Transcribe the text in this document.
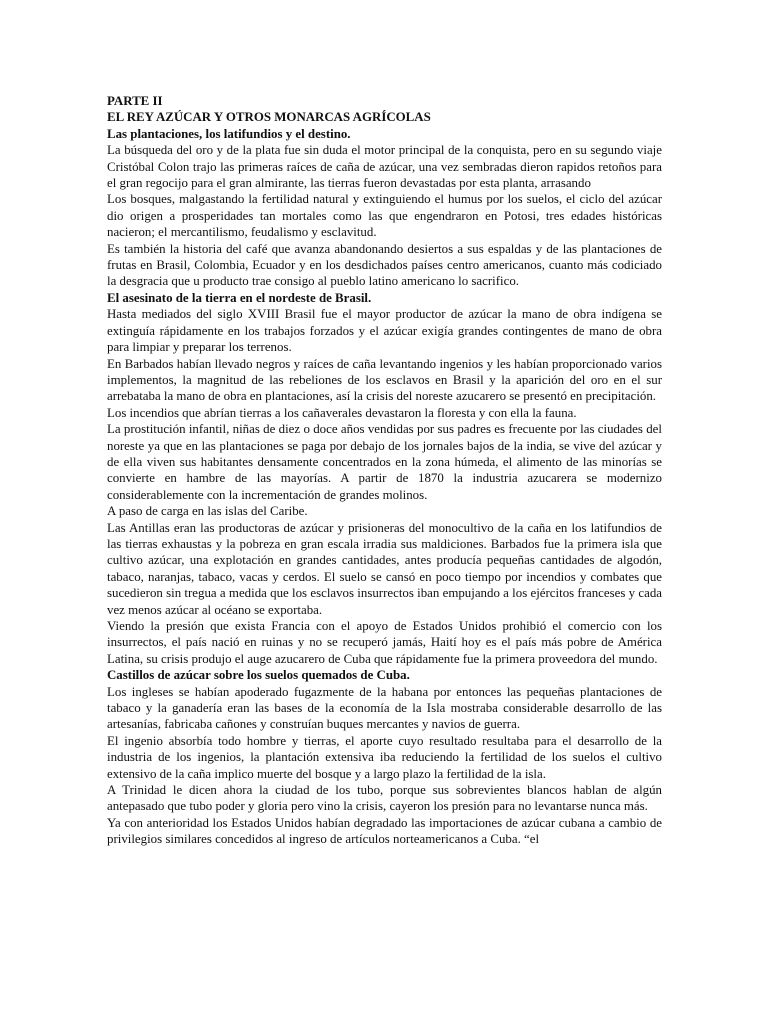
PARTE II

EL REY AZÚCAR Y OTROS MONARCAS AGRÍCOLAS

Las plantaciones, los latifundios y el destino.

La búsqueda del oro y de la plata fue sin duda el motor principal de la conquista, pero en su segundo viaje Cristóbal Colon trajo las primeras raíces de caña de azúcar, una vez sembradas dieron rapidos retoños para el gran regocijo para el gran almirante, las tierras fueron devastadas por esta planta, arrasando

Los bosques, malgastando la fertilidad natural y extinguiendo el humus por los suelos, el ciclo del azúcar dio origen a prosperidades tan mortales como las que engendraron en Potosi, tres edades históricas nacieron; el mercantilismo, feudalismo y esclavitud.

Es también la historia del café que avanza abandonando desiertos a sus espaldas y de las plantaciones de frutas en Brasil, Colombia, Ecuador y en los desdichados países centro americanos, cuanto más codiciado la desgracia que u producto trae consigo al pueblo latino americano lo sacrifico.

El asesinato de la tierra en el nordeste de Brasil.

Hasta mediados del siglo XVIII Brasil fue el mayor productor de azúcar la mano de obra indígena se extinguía rápidamente en los trabajos forzados y el azúcar exigía grandes contingentes de mano de obra para limpiar y preparar los terrenos.

En Barbados habían llevado negros y raíces de caña levantando ingenios y les habían proporcionado varios implementos, la magnitud de las rebeliones de los esclavos en Brasil y la aparición del oro en el sur arrebataba la mano de obra en plantaciones, así la crisis del noreste azucarero se presentó en precipitación.

Los incendios que abrían tierras a los cañaverales devastaron la floresta y con ella la fauna.

La prostitución infantil, niñas de diez o doce años vendidas por sus padres es frecuente por las ciudades del noreste ya que en las plantaciones se paga por debajo de los jornales bajos de la india, se vive del azúcar y de ella viven sus habitantes densamente concentrados en la zona húmeda, el alimento de las minorías se convierte en hambre de las mayorías. A partir de 1870 la industria azucarera se modernizo considerablemente con la incrementación de grandes molinos.

A paso de carga en las islas del Caribe.

Las Antillas eran las productoras de azúcar y prisioneras del monocultivo de la caña en los latifundios de las tierras exhaustas y la pobreza en gran escala irradia sus maldiciones. Barbados fue la primera isla que cultivo azúcar, una explotación en grandes cantidades, antes producía pequeñas cantidades de algodón, tabaco, naranjas, tabaco, vacas y cerdos. El suelo se cansó en poco tiempo por incendios y combates que sucedieron sin tregua a medida que los esclavos insurrectos iban empujando a los ejércitos franceses y cada vez menos azúcar al océano se exportaba.

Viendo la presión que exista Francia con el apoyo de Estados Unidos prohibió el comercio con los insurrectos, el país nació en ruinas y no se recuperó jamás, Haití hoy es el país más pobre de América Latina, su crisis produjo el auge azucarero de Cuba que rápidamente fue la primera proveedora del mundo.

Castillos de azúcar sobre los suelos quemados de Cuba.

Los ingleses se habían apoderado fugazmente de la habana por entonces las pequeñas plantaciones de tabaco y la ganadería eran las bases de la economía de la Isla mostraba considerable desarrollo de las artesanías, fabricaba cañones y construían buques mercantes y navios de guerra.

El ingenio absorbía todo hombre y tierras, el aporte cuyo resultado resultaba para el desarrollo de la industria de los ingenios, la plantación extensiva iba reduciendo la fertilidad de los suelos el cultivo extensivo de la caña implico muerte del bosque y a largo plazo la fertilidad de la isla.

A Trinidad le dicen ahora la ciudad de los tubo, porque sus sobrevientes blancos hablan de algún antepasado que tubo poder y gloria pero vino la crisis, cayeron los presión para no levantarse nunca más.

Ya con anterioridad los Estados Unidos habían degradado las importaciones de azúcar cubana a cambio de privilegios similares concedidos al ingreso de artículos norteamericanos a Cuba. “el
